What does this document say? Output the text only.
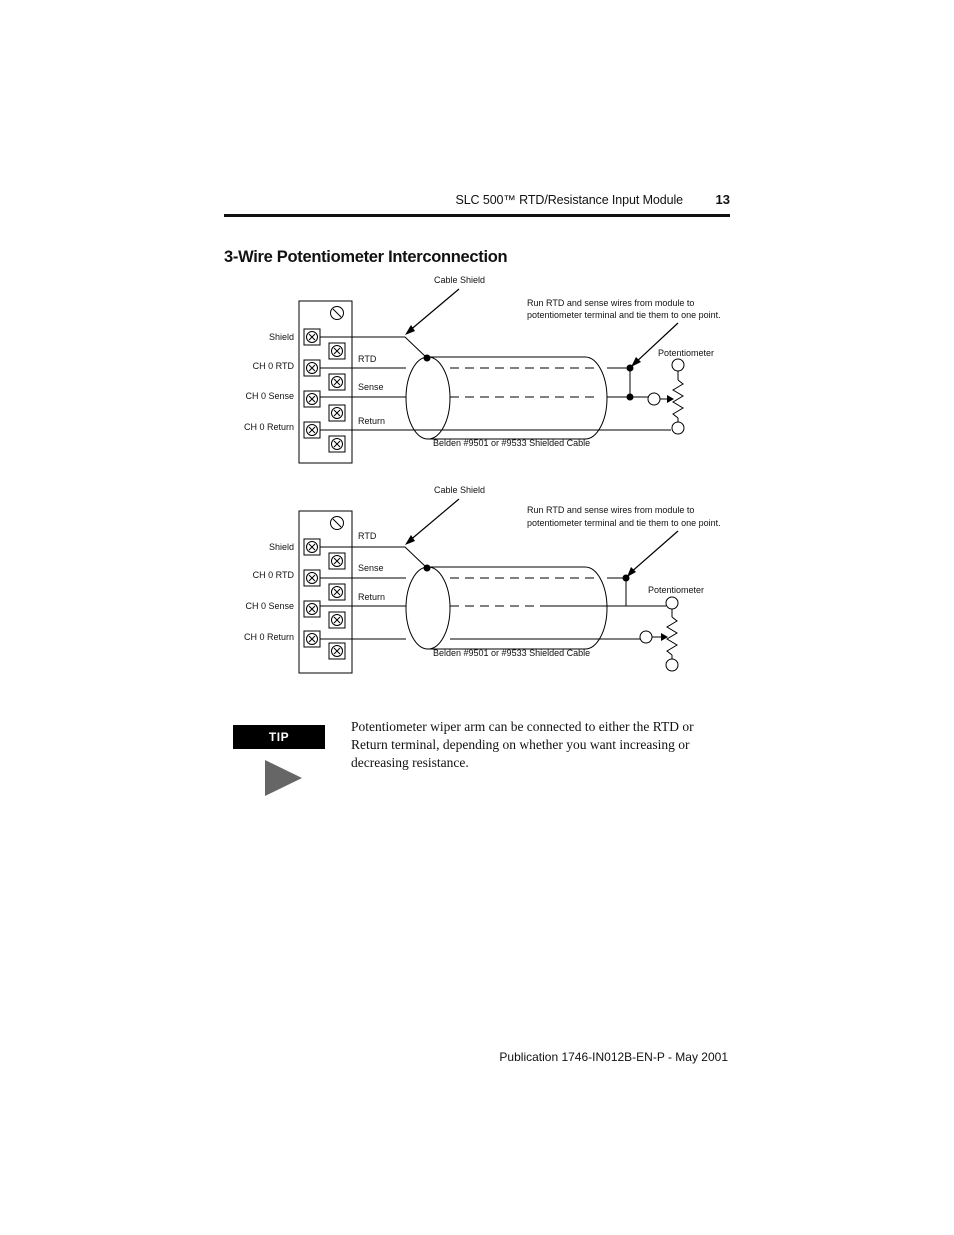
SLC 500™ RTD/Resistance Input Module	13
3-Wire Potentiometer Interconnection
Cable Shield
Run RTD and sense wires from module to
potentiometer terminal and tie them to one point.
Shield
CH 0 RTD
CH 0 Sense
CH 0 Return
RTD
Sense
Return
Potentiometer
Belden #9501 or #9533 Shielded Cable
Cable Shield
Run RTD and sense wires from module to
potentiometer terminal and tie them to one point.
Shield
CH 0 RTD
CH 0 Sense
CH 0 Return
RTD
Sense
Return
Potentiometer
Belden #9501 or #9533 Shielded Cable
TIP
Potentiometer wiper arm can be connected to either the RTD or Return terminal, depending on whether you want increasing or decreasing resistance.
Publication 1746-IN012B-EN-P - May 2001
